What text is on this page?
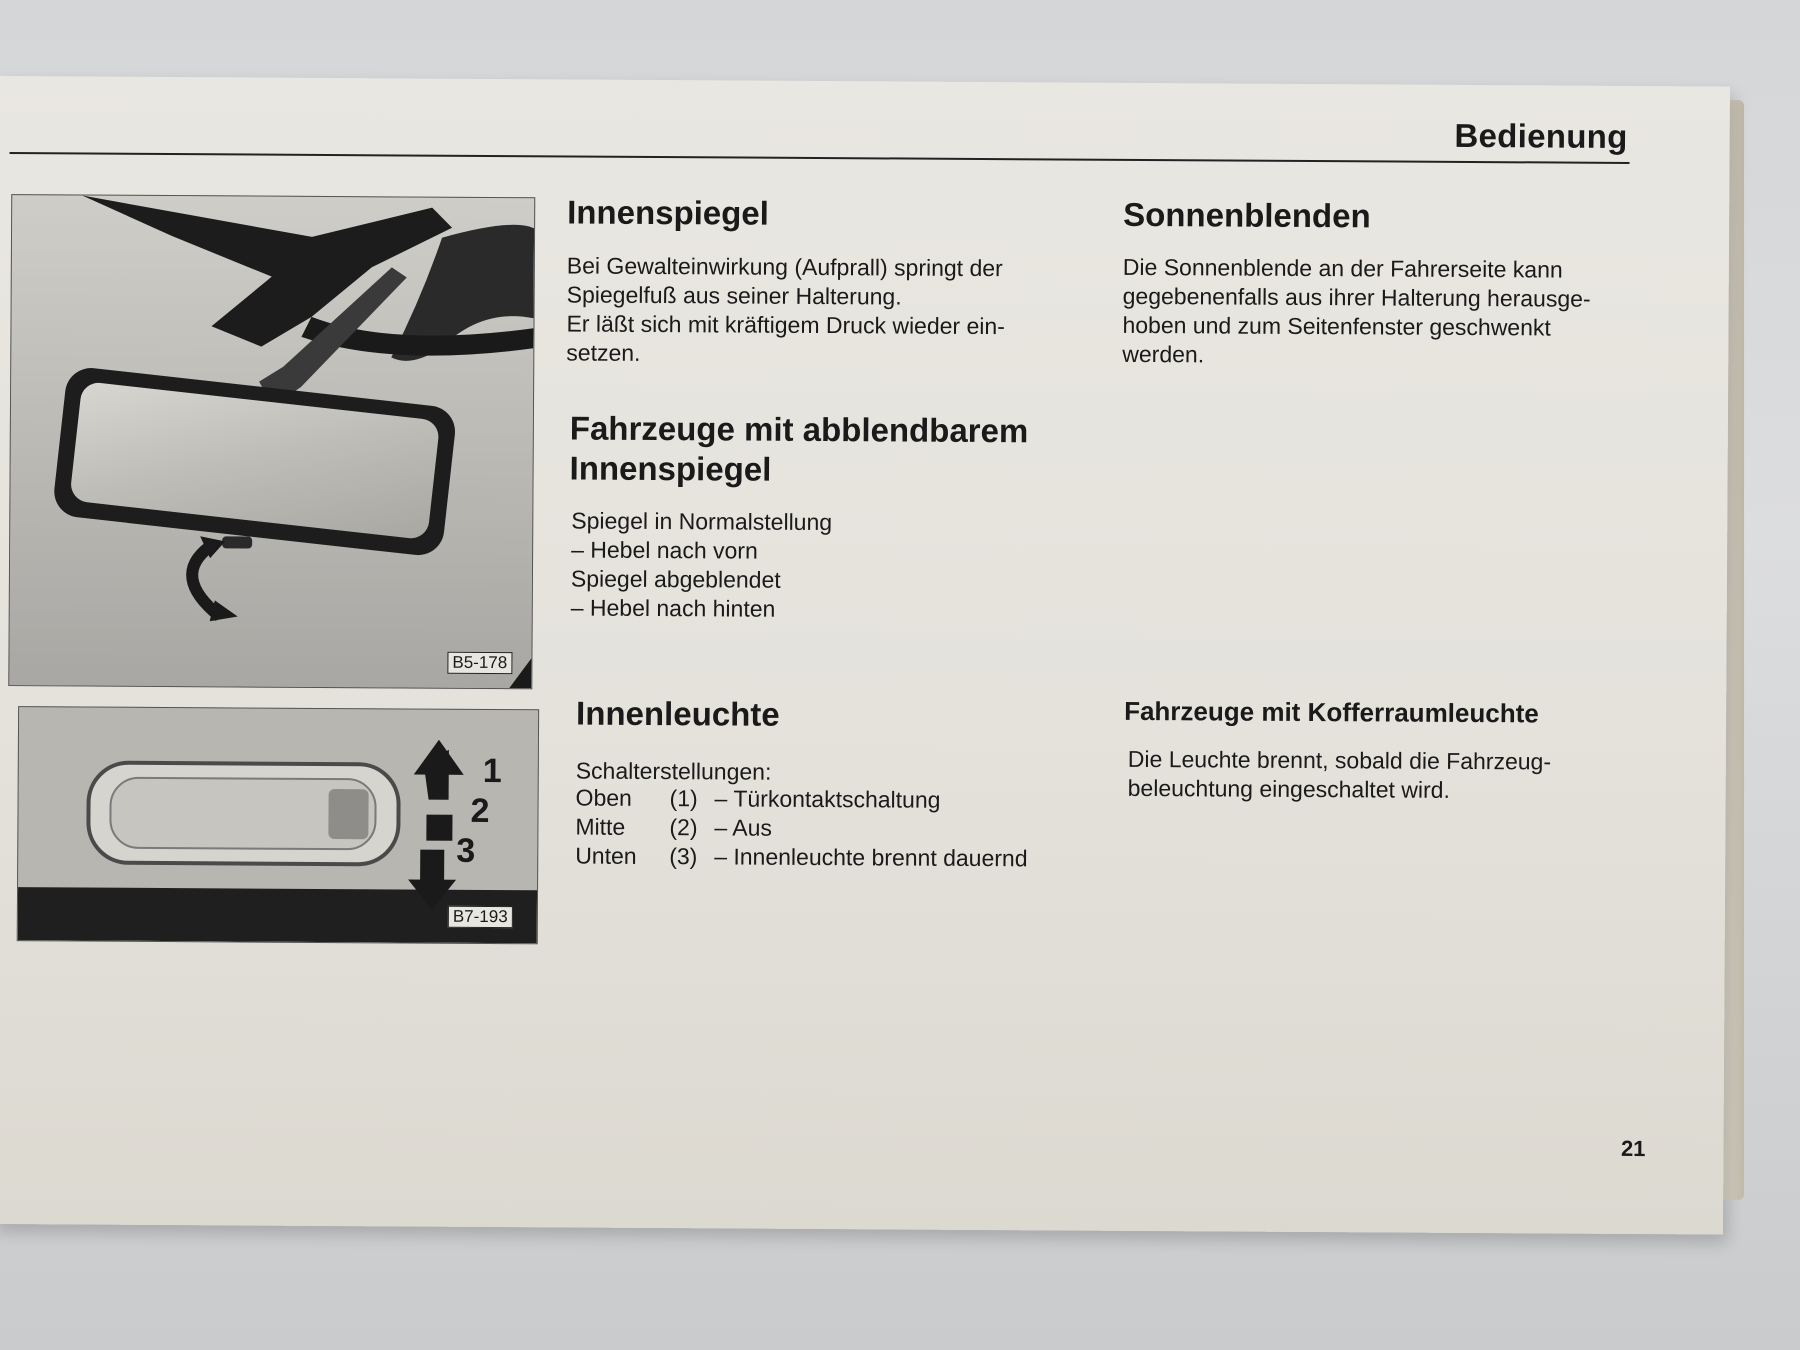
Bedienung
B5-178
1
2
3
B7-193
Innenspiegel
Bei Gewalteinwirkung (Aufprall) springt der
Spiegelfuß aus seiner Halterung.
Er läßt sich mit kräftigem Druck wieder ein-
setzen.
Fahrzeuge mit abblendbarem
Innenspiegel
Spiegel in Normalstellung
– Hebel nach vorn
Spiegel abgeblendet
– Hebel nach hinten
Innenleuchte
Schalterstellungen:
Oben	(1)	– Türkontaktschaltung
Mitte	(2)	– Aus
Unten	(3)	– Innenleuchte brennt dauernd
Sonnenblenden
Die Sonnenblende an der Fahrerseite kann
gegebenenfalls aus ihrer Halterung herausge-
hoben und zum Seitenfenster geschwenkt
werden.
Fahrzeuge mit Kofferraumleuchte
Die Leuchte brennt, sobald die Fahrzeug-
beleuchtung eingeschaltet wird.
21
